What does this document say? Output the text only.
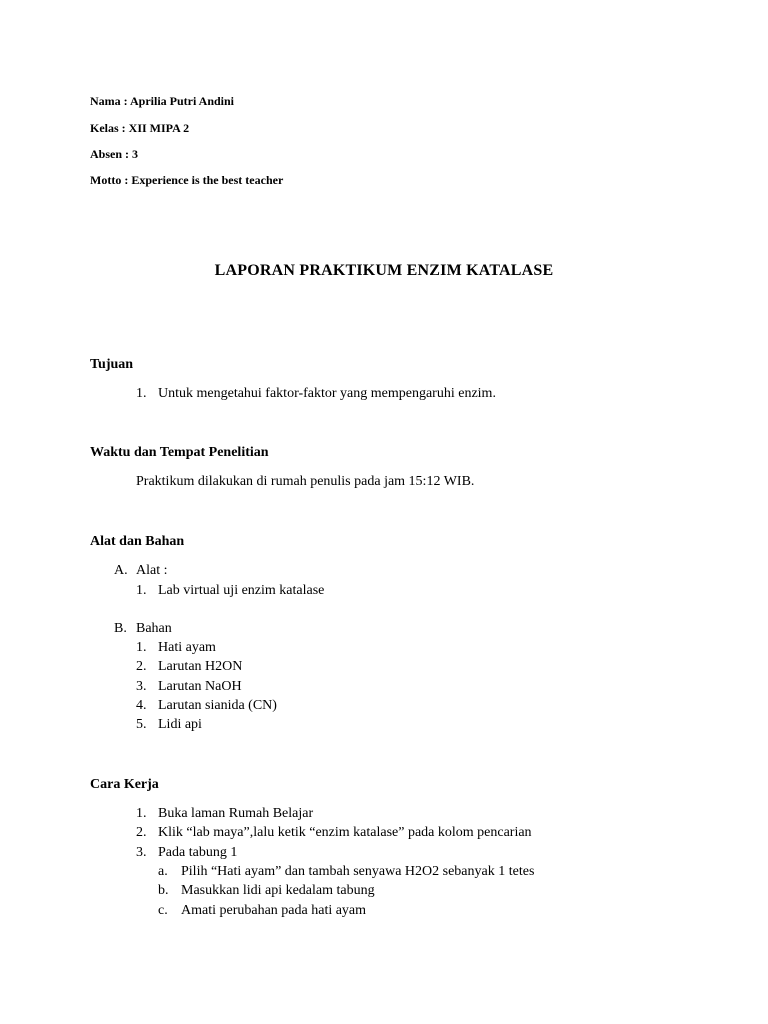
Nama : Aprilia Putri Andini
Kelas : XII MIPA 2
Absen : 3
Motto : Experience is the best teacher
LAPORAN PRAKTIKUM ENZIM KATALASE
Tujuan
1. Untuk mengetahui faktor-faktor yang mempengaruhi enzim.
Waktu dan Tempat Penelitian
Praktikum dilakukan di rumah penulis pada jam 15:12 WIB.
Alat dan Bahan
A. Alat :
1. Lab virtual uji enzim katalase
B. Bahan
1. Hati ayam
2. Larutan H2ON
3. Larutan NaOH
4. Larutan sianida (CN)
5. Lidi api
Cara Kerja
1. Buka laman Rumah Belajar
2. Klik “lab maya”,lalu ketik “enzim katalase” pada kolom pencarian
3. Pada tabung 1
a. Pilih “Hati ayam” dan tambah senyawa H2O2 sebanyak 1 tetes
b. Masukkan lidi api kedalam tabung
c. Amati perubahan pada hati ayam
